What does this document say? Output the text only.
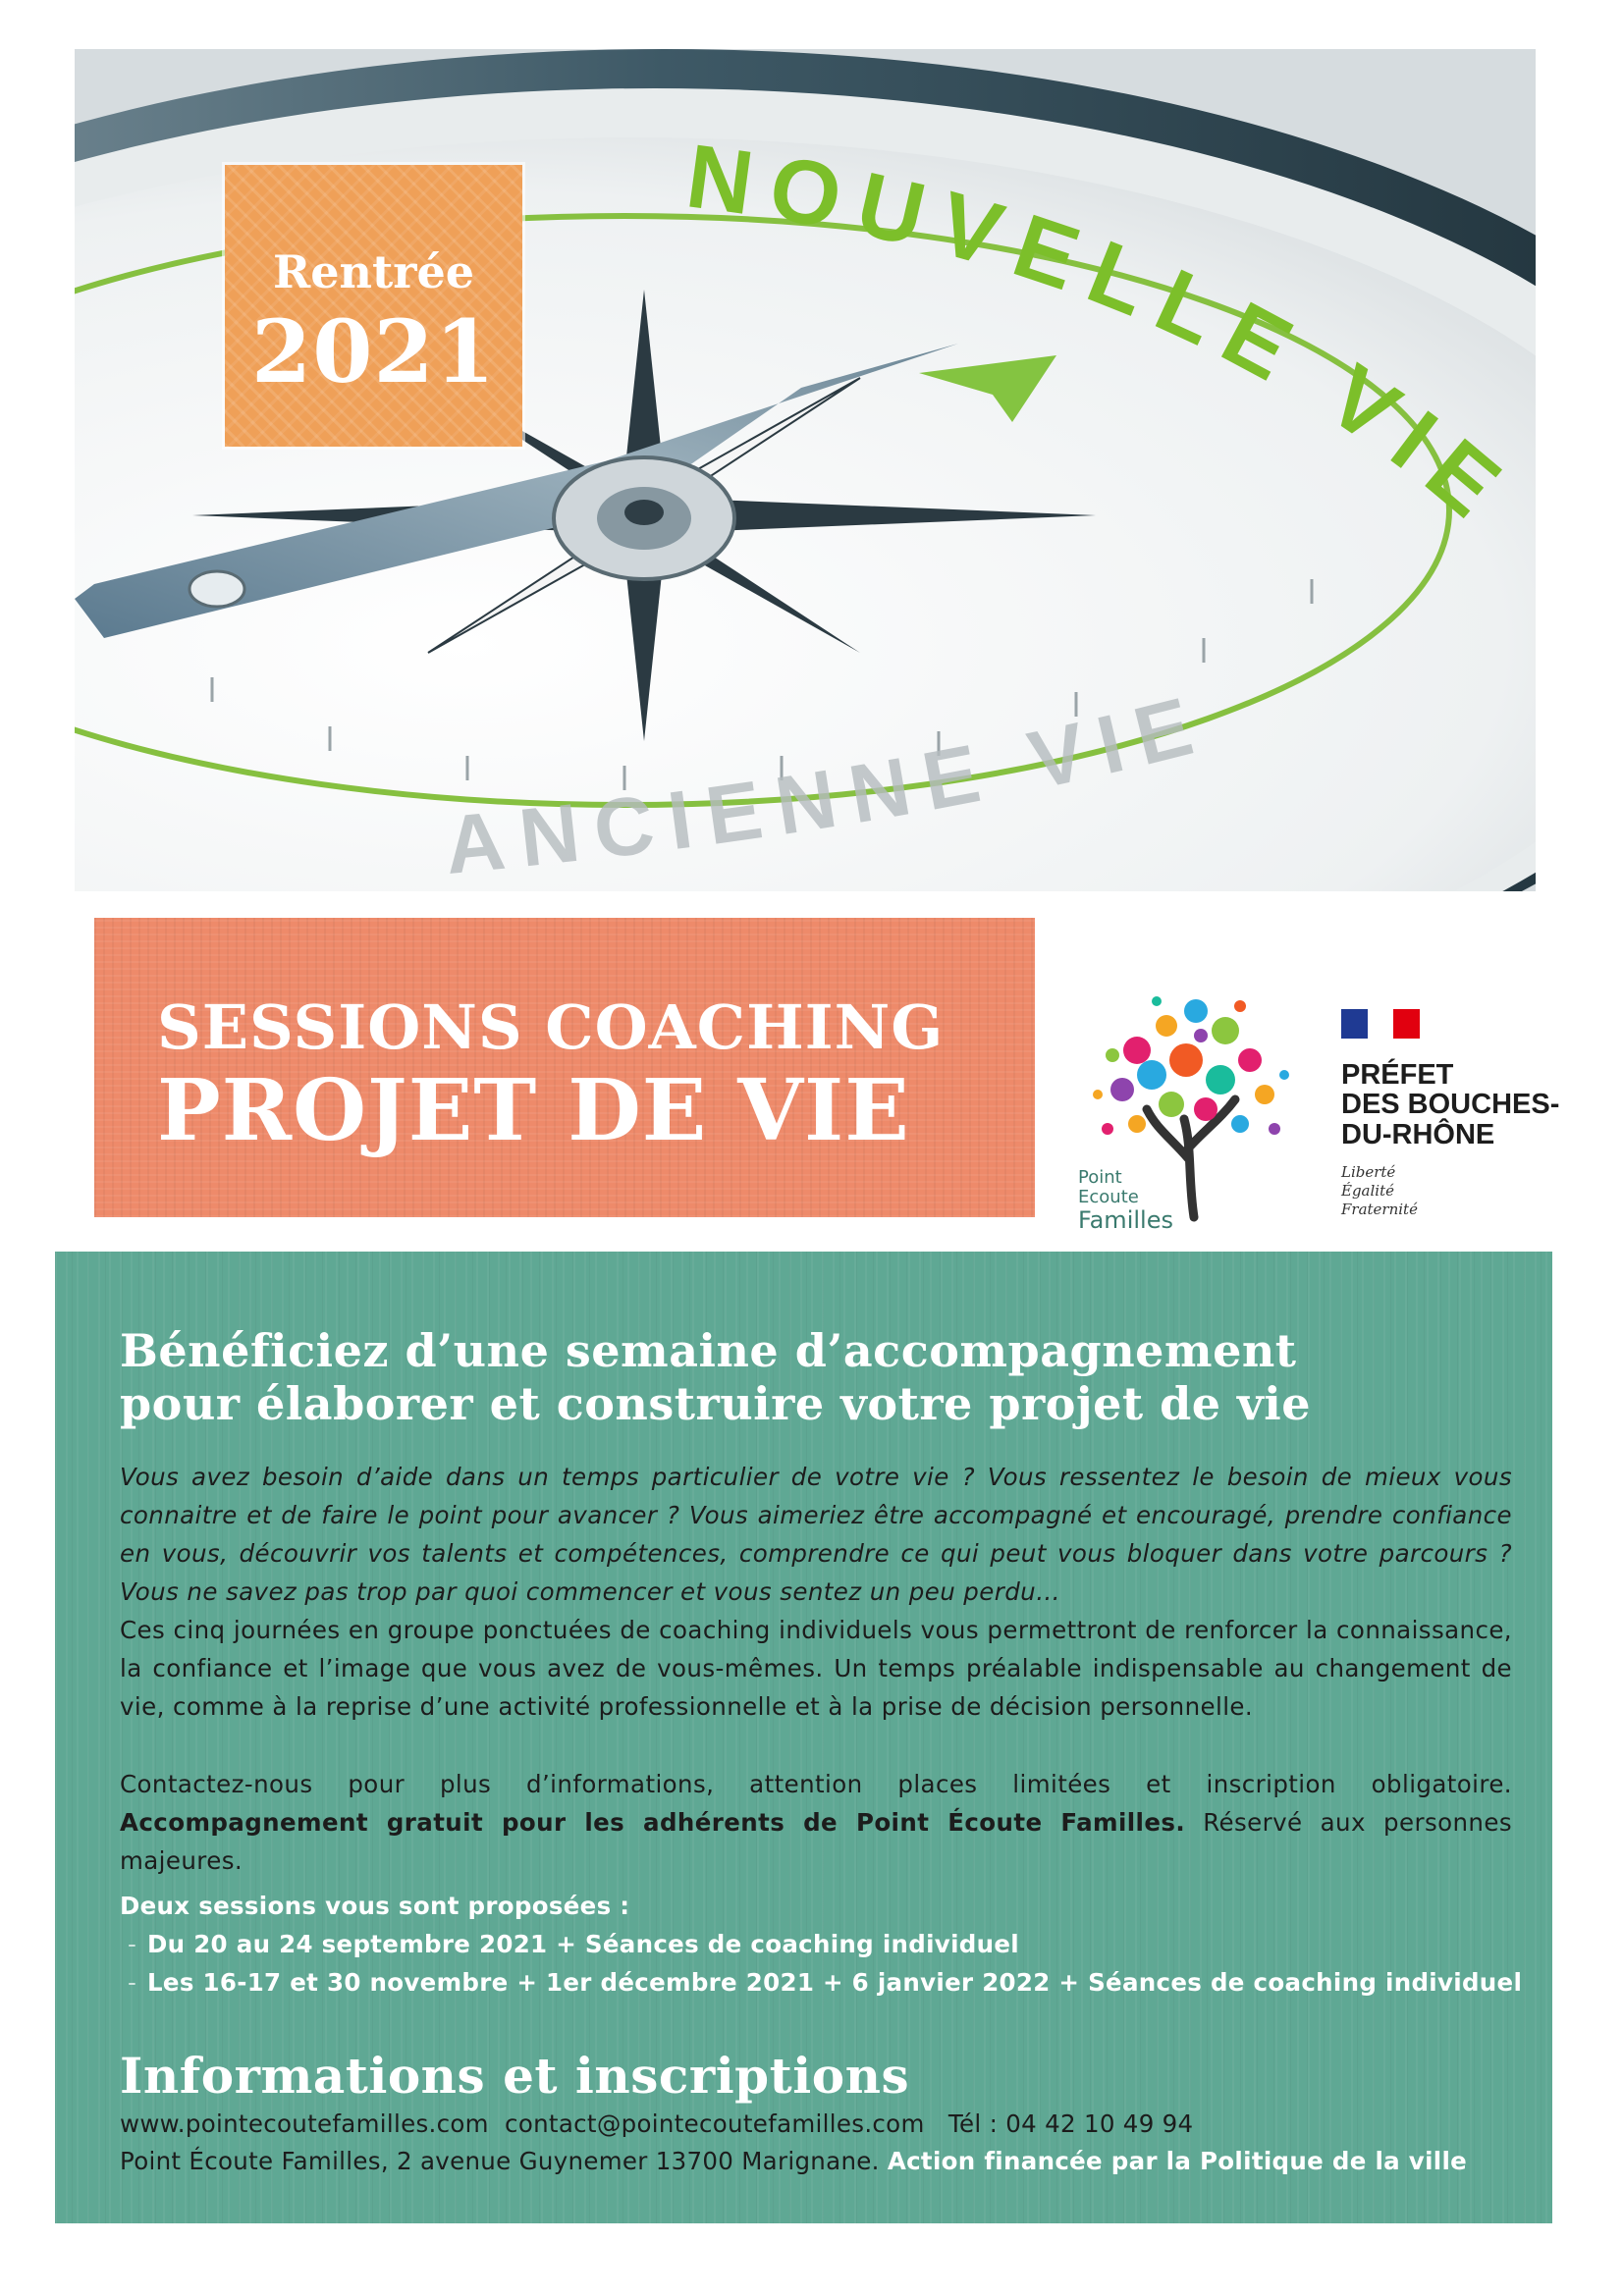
NOUVELLE VIE
ANCIENNE VIE
Rentrée
2021
SESSIONS COACHING
PROJET DE VIE
Point Ecoute
Familles
PRÉFET
DES BOUCHES-
DU-RHÔNE
Liberté
Égalité
Fraternité
Bénéficiez d’une semaine d’accompagnement
pour élaborer et construire votre projet de vie

Vous avez besoin d’aide dans un temps particulier de votre vie ? Vous ressentez le besoin de mieux vous connaitre et de faire le point pour avancer ? Vous aimeriez être accompagné et encouragé, prendre confiance en vous, découvrir vos talents et compétences, comprendre ce qui peut vous bloquer dans votre parcours ? Vous ne savez pas trop par quoi commencer et vous sentez un peu perdu…

Ces cinq journées en groupe ponctuées de coaching individuels vous permettront de renforcer la connaissance, la confiance et l’image que vous avez de vous-mêmes. Un temps préalable indispensable au changement de vie, comme à la reprise d’une activité professionnelle et à la prise de décision personnelle.

Contactez-nous pour plus d’informations, attention places limitées et inscription obligatoire. Accompagnement gratuit pour les adhérents de Point Écoute Familles. Réservé aux personnes majeures.

Deux sessions vous sont proposées :
- Du 20 au 24 septembre 2021 + Séances de coaching individuel
- Les 16-17 et 30 novembre + 1er décembre 2021 + 6 janvier 2022 + Séances de coaching individuel
Informations et inscriptions
www.pointecoutefamilles.com contact@pointecoutefamilles.com Tél : 04 42 10 49 94
Point Écoute Familles, 2 avenue Guynemer 13700 Marignane. Action financée par la Politique de la ville
